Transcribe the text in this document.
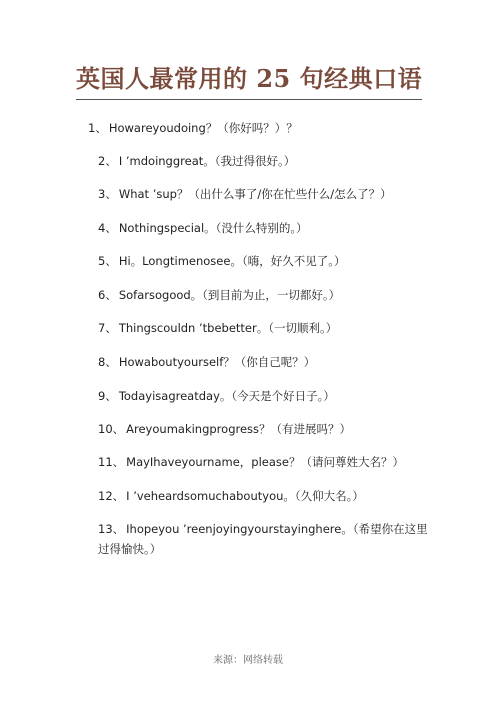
英国人最常用的 25 句经典口语
1、 Howareyoudoing？（你好吗？）？
2、 I ’mdoinggreat。（我过得很好。）
3、 What ’sup？（出什么事了/你在忙些什么/怎么了？）
4、 Nothingspecial。（没什么特别的。）
5、 Hi。Longtimenosee。（嗨，好久不见了。）
6、 Sofarsogood。（到目前为止，一切都好。）
7、 Thingscouldn ’tbebetter。（一切顺利。）
8、 Howaboutyourself？（你自己呢？）
9、 Todayisagreatday。（今天是个好日子。）
10、 Areyoumakingprogress？（有进展吗？）
11、 MayIhaveyourname，please？（请问尊姓大名？）
12、 I ’veheardsomuchaboutyou。（久仰大名。）
13、 Ihopeyou ’reenjoyingyourstayinghere。（希望你在这里过得愉快。）
来源：网络转载
